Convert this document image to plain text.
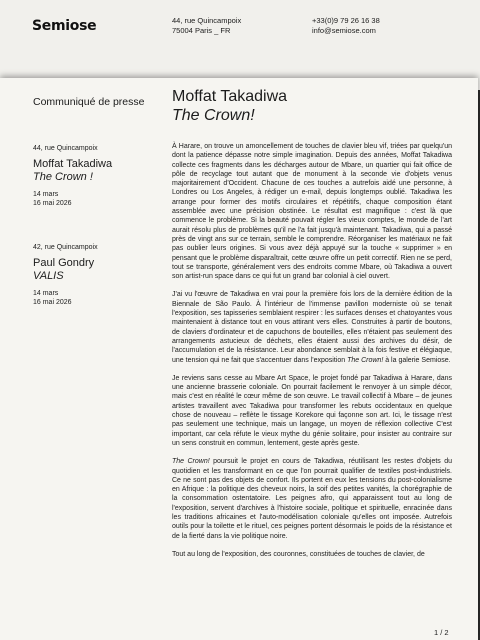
Semiose	44, rue Quincampoix
75004 Paris _ FR
+33(0)9 79 26 16 38
info@semiose.com
Communiqué de presse Moffat Takadiwa
The Crown!
44, rue Quincampoix
Moffat Takadiwa
The Crown !
14 mars
16 mai 2026
42, rue Quincampoix
Paul Gondry
VALIS
14 mars
16 mai 2026

À Harare, on trouve un amoncellement de touches de clavier bleu vif, triées par quelqu'un dont la patience dépasse notre simple imagination. Depuis des années, Moffat Takadiwa collecte ces fragments dans les décharges autour de Mbare, un quartier qui fait office de pôle de recyclage tout autant que de monument à la seconde vie d'objets venus majoritairement d'Occident. Chacune de ces touches a autrefois aidé une personne, à Londres ou Los Angeles, à rédiger un e-mail, depuis longtemps oublié. Takadiwa les arrange pour former des motifs circulaires et répétitifs, chaque composition étant assemblée avec une précision obstinée. Le résultat est magnifique : c'est là que commence le problème. Si la beauté pouvait régler les vieux comptes, le monde de l'art aurait résolu plus de problèmes qu'il ne l'a fait jusqu'à maintenant. Takadiwa, qui a passé près de vingt ans sur ce terrain, semble le comprendre. Réorganiser les matériaux ne fait pas oublier leurs origines. Si vous avez déjà appuyé sur la touche « supprimer » en pensant que le problème disparaîtrait, cette œuvre offre un petit correctif. Rien ne se perd, tout se transporte, généralement vers des endroits comme Mbare, où Takadiwa a ouvert son artist-run space dans ce qui fut un grand bar colonial à ciel ouvert.

J'ai vu l'œuvre de Takadiwa en vrai pour la première fois lors de la dernière édition de la Biennale de São Paulo. À l'intérieur de l'immense pavillon moderniste où se tenait l'exposition, ses tapisseries semblaient respirer : les surfaces denses et chatoyantes vous maintenaient à distance tout en vous attirant vers elles. Construites à partir de boutons, de claviers d'ordinateur et de capuchons de bouteilles, elles n'étaient pas seulement des arrangements astucieux de déchets, elles étaient aussi des archives du désir, de l'accumulation et de la résistance. Leur abondance semblait à la fois festive et élégiaque, une tension qui ne fait que s'accentuer dans l'exposition The Crown! à la galerie Semiose.

Je reviens sans cesse au Mbare Art Space, le projet fondé par Takadiwa à Harare, dans une ancienne brasserie coloniale. On pourrait facilement le renvoyer à un simple décor, mais c'est en réalité le cœur même de son œuvre. Le travail collectif à Mbare – de jeunes artistes travaillent avec Takadiwa pour transformer les rebuts occidentaux en quelque chose de nouveau – reflète le tissage Korekore qui façonne son art. Ici, le tissage n'est pas seulement une technique, mais un langage, un moyen de réflexion collective C'est important, car cela réfute le vieux mythe du génie solitaire, pour insister au contraire sur un sens construit en commun, lentement, geste après geste.

The Crown! poursuit le projet en cours de Takadiwa, réutilisant les restes d'objets du quotidien et les transformant en ce que l'on pourrait qualifier de textiles post-industriels. Ce ne sont pas des objets de confort. Ils portent en eux les tensions du post-colonialisme en Afrique : la politique des cheveux noirs, la soif des petites vanités, la chorégraphie de la consommation ostentatoire. Les peignes afro, qui apparaissent tout au long de l'exposition, servent d'archives à l'histoire sociale, politique et spirituelle, enracinée dans les traditions africaines et l'auto-modélisation coloniale qu'elles ont imposée. Autrefois outils pour la toilette et le rituel, ces peignes portent désormais le poids de la résistance et de la fierté dans la vie politique noire.

Tout au long de l'exposition, des couronnes, constituées de touches de clavier, de

1 / 2
